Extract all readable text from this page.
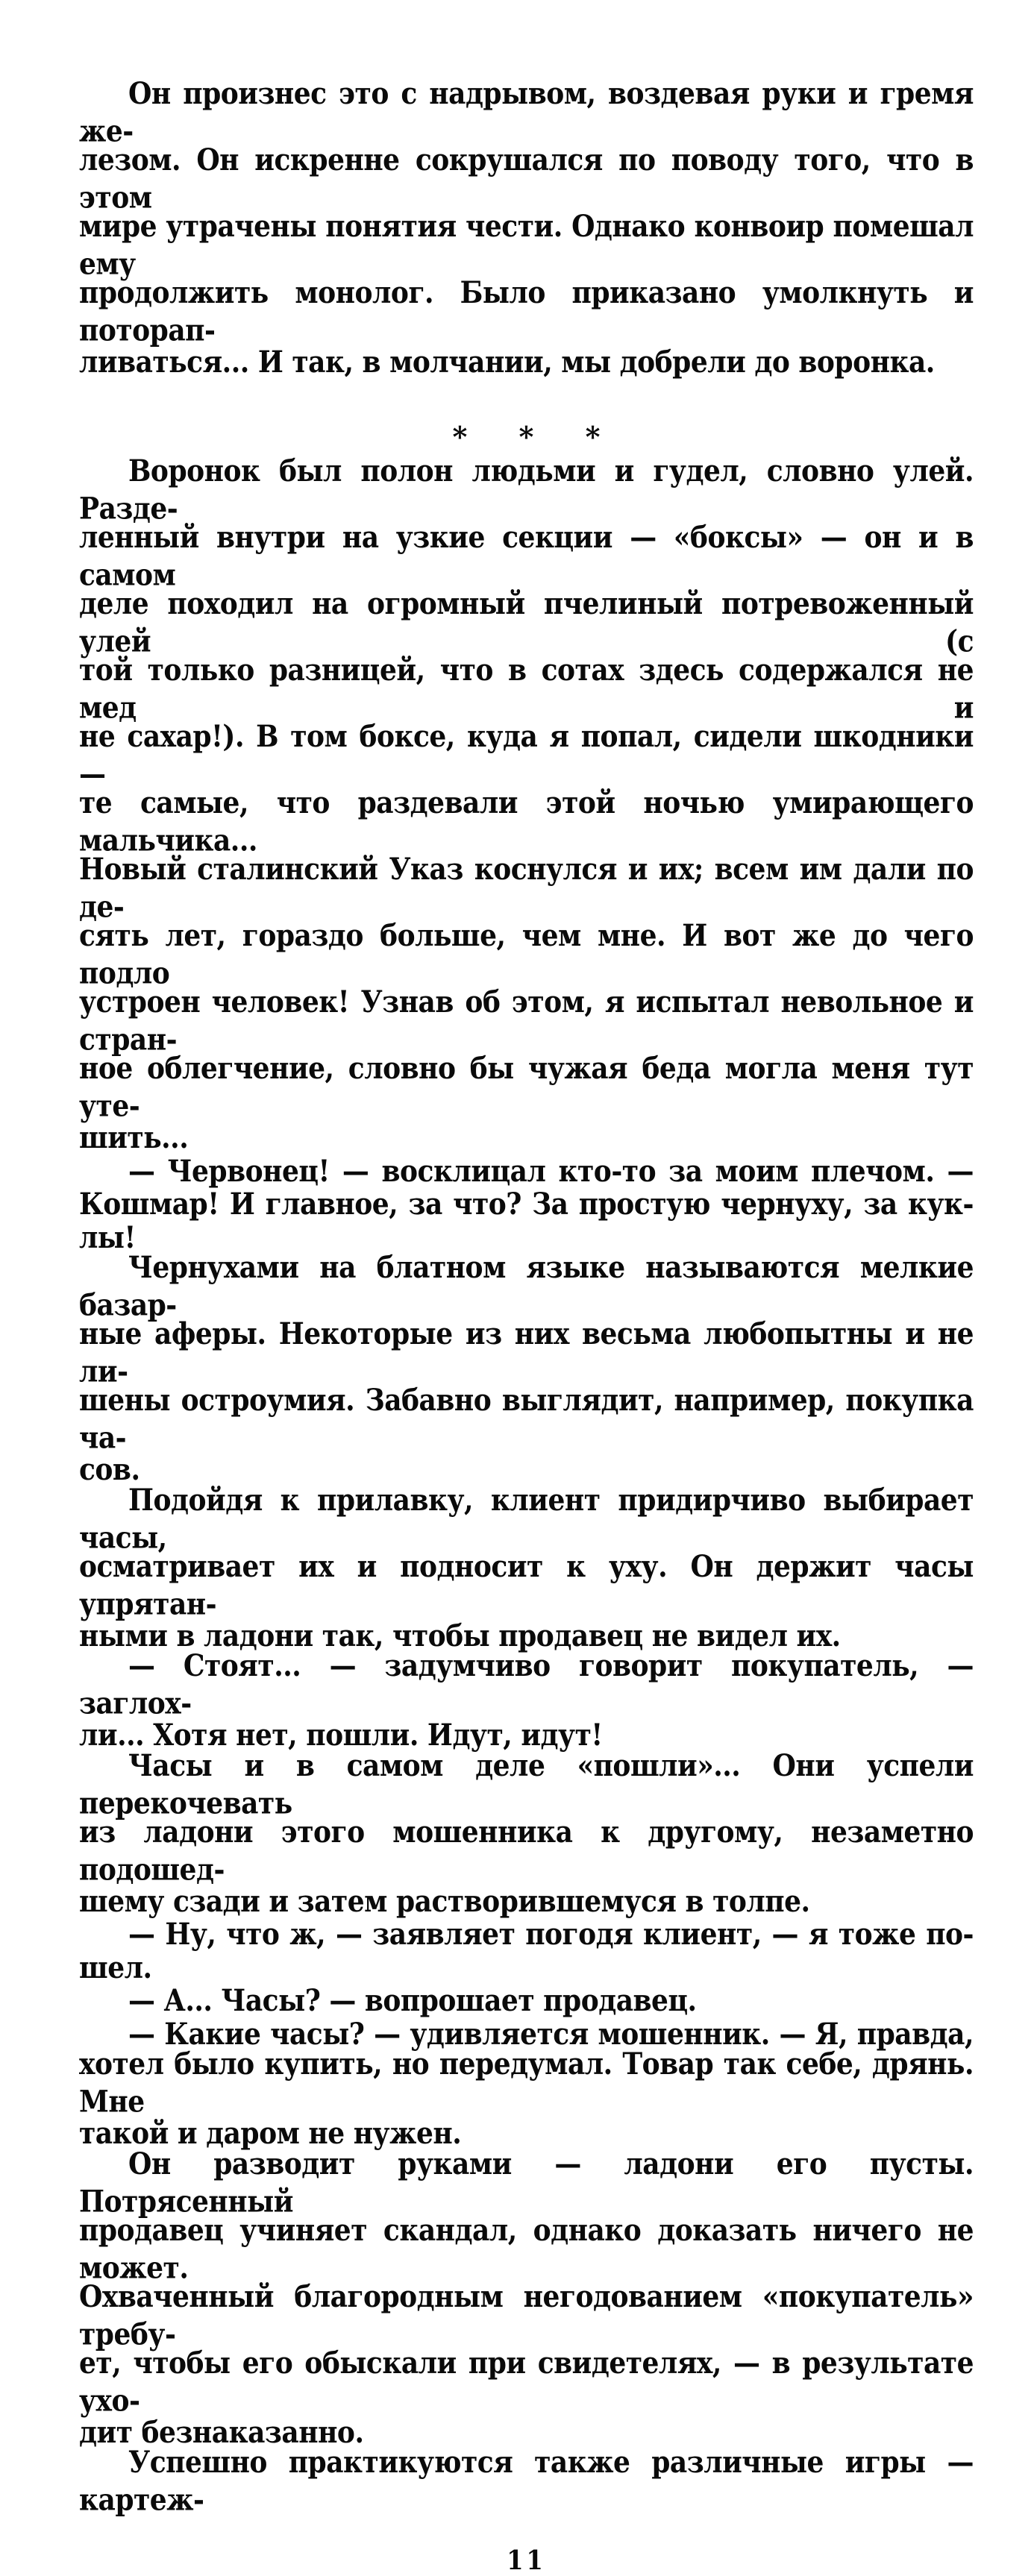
Он произнес это с надрывом, воздевая руки и гремя же-
лезом. Он искренне сокрушался по поводу того, что в этом
мире утрачены понятия чести. Однако конвоир помешал ему
продолжить монолог. Было приказано умолкнуть и поторап-
ливаться... И так, в молчании, мы добрели до воронка.
* * *
Воронок был полон людьми и гудел, словно улей. Разде-
ленный внутри на узкие секции — «боксы» — он и в самом
деле походил на огромный пчелиный потревоженный улей (с
той только разницей, что в сотах здесь содержался не мед и
не сахар!). В том боксе, куда я попал, сидели шкодники —
те самые, что раздевали этой ночью умирающего мальчика...
Новый сталинский Указ коснулся и их; всем им дали по де-
сять лет, гораздо больше, чем мне. И вот же до чего подло
устроен человек! Узнав об этом, я испытал невольное и стран-
ное облегчение, словно бы чужая беда могла меня тут уте-
шить...
— Червонец! — восклицал кто-то за моим плечом. —
Кошмар! И главное, за что? За простую чернуху, за кук-
лы!
Чернухами на блатном языке называются мелкие базар-
ные аферы. Некоторые из них весьма любопытны и не ли-
шены остроумия. Забавно выглядит, например, покупка ча-
сов.
Подойдя к прилавку, клиент придирчиво выбирает часы,
осматривает их и подносит к уху. Он держит часы упрятан-
ными в ладони так, чтобы продавец не видел их.
— Стоят... — задумчиво говорит покупатель, — заглох-
ли... Хотя нет, пошли. Идут, идут!
Часы и в самом деле «пошли»... Они успели перекочевать
из ладони этого мошенника к другому, незаметно подошед-
шему сзади и затем растворившемуся в толпе.
— Ну, что ж, — заявляет погодя клиент, — я тоже по-
шел.
— А... Часы? — вопрошает продавец.
— Какие часы? — удивляется мошенник. — Я, правда,
хотел было купить, но передумал. Товар так себе, дрянь. Мне
такой и даром не нужен.
Он разводит руками — ладони его пусты. Потрясенный
продавец учиняет скандал, однако доказать ничего не может.
Охваченный благородным негодованием «покупатель» требу-
ет, чтобы его обыскали при свидетелях, — в результате ухо-
дит безнаказанно.
Успешно практикуются также различные игры — картеж-
11
